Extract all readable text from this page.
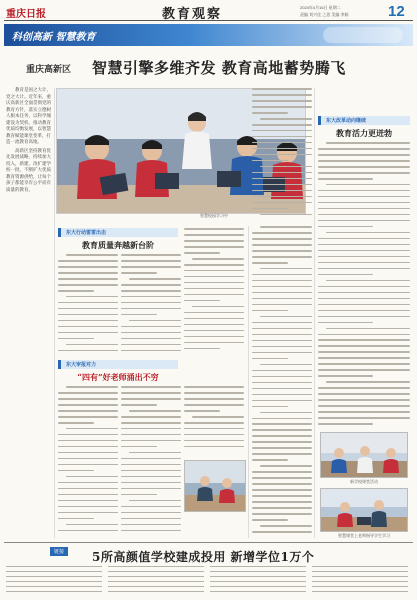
重庆日报	教育观察	2024年4月16日 星期二
责编 刘兴佳 之思 美编 李娟	12
科创高新 智慧教育
重庆高新区 智慧引擎多维齐发 教育高地蓄势腾飞

教育是国之大计、党之大计。近年来，重庆高新区全面贯彻党的教育方针，落实立德树人根本任务，以科学城建设为契机，推动教育优质均衡发展，以智慧教育赋能课堂变革，打造一流教育高地。

高新区坚持教育优先发展战略，持续加大投入，新建、改扩建学校一批，不断扩大优质教育资源供给，让每个孩子都能享有公平而有质量的教育。

智慧校园学习中
东大行动雷雷出击
教育质量奔越新台阶
东大审报对力
“四有”好老师涌出不穷
东大改革动向继续
教育活力更迸勃
新学校课堂活动
智慧课堂上老师指导学生学习
链接	5所高颜值学校建成投用 新增学位1万个
